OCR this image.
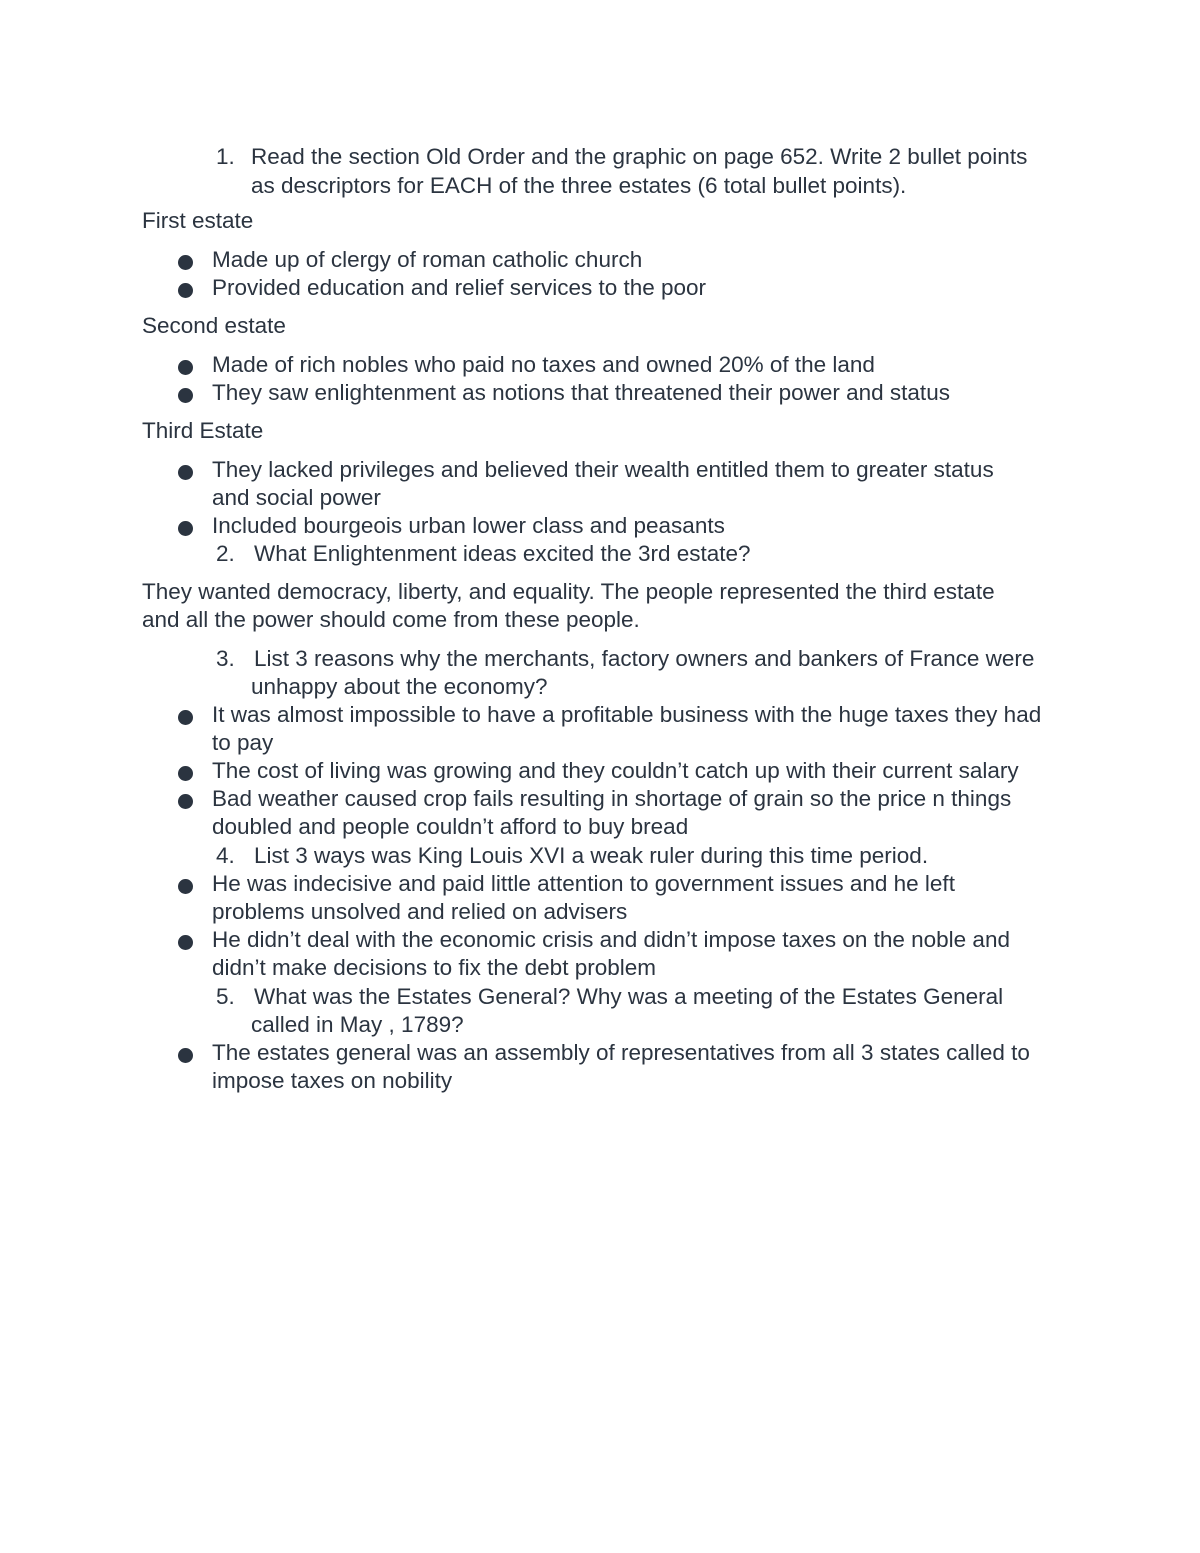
1. Read the section Old Order and the graphic on page 652. Write 2 bullet points
as descriptors for EACH of the three estates (6 total bullet points).
First estate
Made up of clergy of roman catholic church
Provided education and relief services to the poor
Second estate
Made of rich nobles who paid no taxes and owned 20% of the land
They saw enlightenment as notions that threatened their power and status
Third Estate
They lacked privileges and believed their wealth entitled them to greater status
and social power
Included bourgeois urban lower class and peasants
2. What Enlightenment ideas excited the 3rd estate?
They wanted democracy, liberty, and equality. The people represented the third estate
and all the power should come from these people.
3. List 3 reasons why the merchants, factory owners and bankers of France were
unhappy about the economy?
It was almost impossible to have a profitable business with the huge taxes they had
to pay
The cost of living was growing and they couldn’t catch up with their current salary
Bad weather caused crop fails resulting in shortage of grain so the price n things
doubled and people couldn’t afford to buy bread
4. List 3 ways was King Louis XVI a weak ruler during this time period.
He was indecisive and paid little attention to government issues and he left
problems unsolved and relied on advisers
He didn’t deal with the economic crisis and didn’t impose taxes on the noble and
didn’t make decisions to fix the debt problem
5. What was the Estates General? Why was a meeting of the Estates General
called in May , 1789?
The estates general was an assembly of representatives from all 3 states called to
impose taxes on nobility
